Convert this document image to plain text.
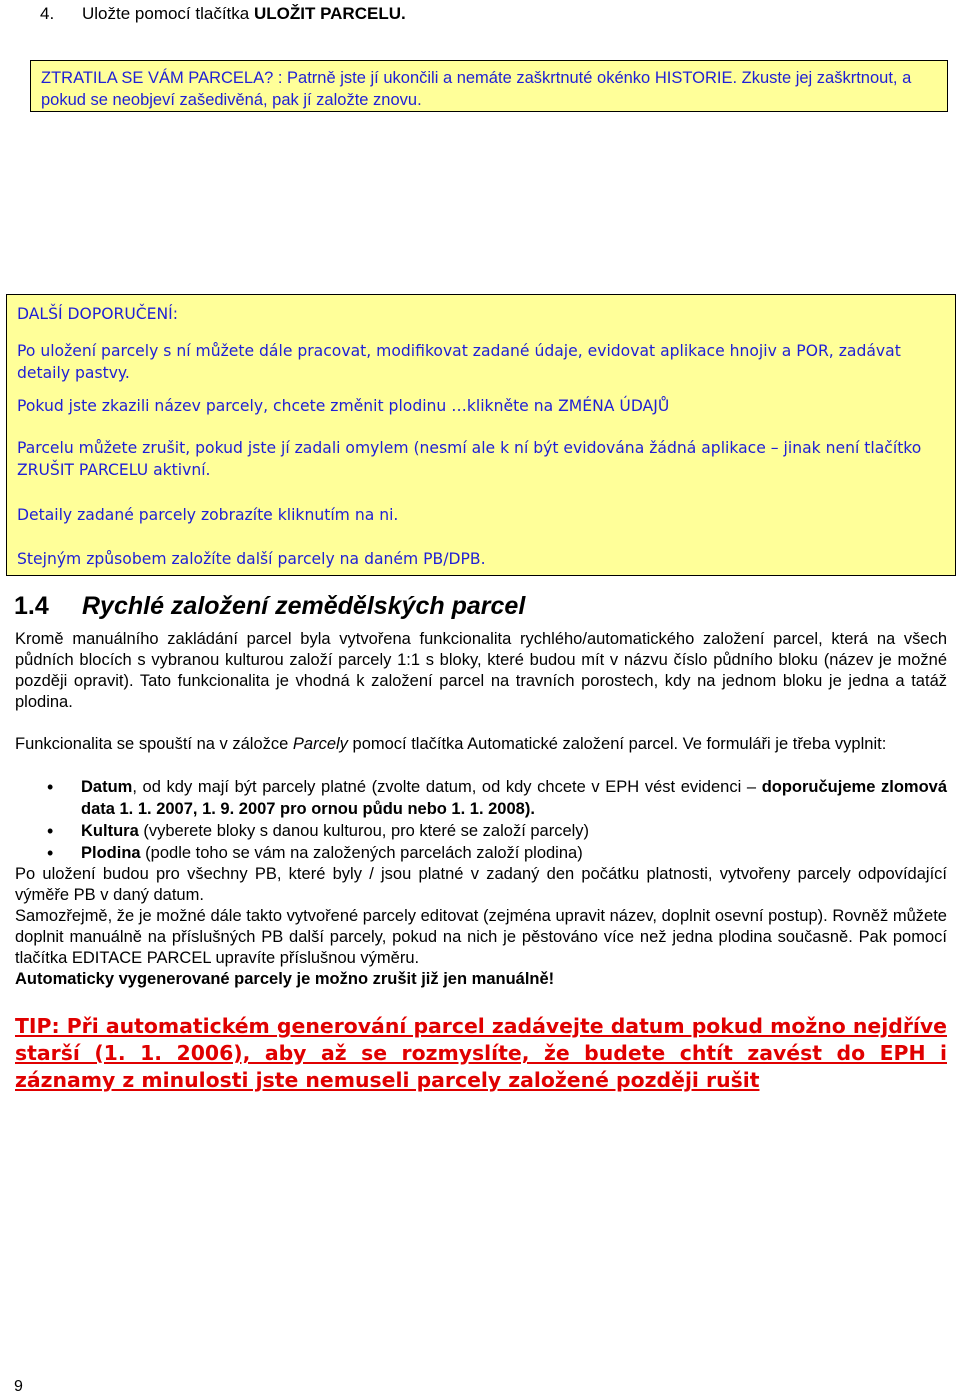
4. Uložte pomocí tlačítka ULOŽIT PARCELU.
ZTRATILA SE VÁM PARCELA? : Patrně jste jí ukončili a nemáte zaškrtnuté okénko HISTORIE. Zkuste jej zaškrtnout, a pokud se neobjeví zašedivěná, pak jí založte znovu.

DALŠÍ DOPORUČENÍ:

Po uložení parcely s ní můžete dále pracovat, modifikovat zadané údaje, evidovat aplikace hnojiv a POR, zadávat detaily pastvy.

Pokud jste zkazili název parcely, chcete změnit plodinu …klikněte na ZMÉNA ÚDAJŮ

Parcelu můžete zrušit, pokud jste jí zadali omylem (nesmí ale k ní být evidována žádná aplikace – jinak není tlačítko ZRUŠIT PARCELU aktivní.

Detaily zadané parcely zobrazíte kliknutím na ni.

Stejným způsobem založíte další parcely na daném PB/DPB.

1.4 Rychlé založení zemědělských parcel

Kromě manuálního zakládání parcel byla vytvořena funkcionalita rychlého/automatického založení parcel, která na všech půdních blocích s vybranou kulturou založí parcely 1:1 s bloky, které budou mít v názvu číslo půdního bloku (název je možné později opravit). Tato funkcionalita je vhodná k založení parcel na travních porostech, kdy na jednom bloku je jedna a tatáž plodina.

Funkcionalita se spouští na v záložce Parcely pomocí tlačítka Automatické založení parcel. Ve formuláři je třeba vyplnit:

• Datum, od kdy mají být parcely platné (zvolte datum, od kdy chcete v EPH vést evidenci – doporučujeme zlomová data 1. 1. 2007, 1. 9. 2007 pro ornou půdu nebo 1. 1. 2008).
• Kultura (vyberete bloky s danou kulturou, pro které se založí parcely)
• Plodina (podle toho se vám na založených parcelách založí plodina)

Po uložení budou pro všechny PB, které byly / jsou platné v zadaný den počátku platnosti, vytvořeny parcely odpovídající výměře PB v daný datum.

Samozřejmě, že je možné dále takto vytvořené parcely editovat (zejména upravit název, doplnit osevní postup). Rovněž můžete doplnit manuálně na příslušných PB další parcely, pokud na nich je pěstováno více než jedna plodina současně. Pak pomocí tlačítka EDITACE PARCEL upravíte příslušnou výměru.

Automaticky vygenerované parcely je možno zrušit již jen manuálně!

TIP: Při automatickém generování parcel zadávejte datum pokud možno nejdříve starší (1. 1. 2006), aby až se rozmyslíte, že budete chtít zavést do EPH i záznamy z minulosti jste nemuseli parcely založené později rušit
9
